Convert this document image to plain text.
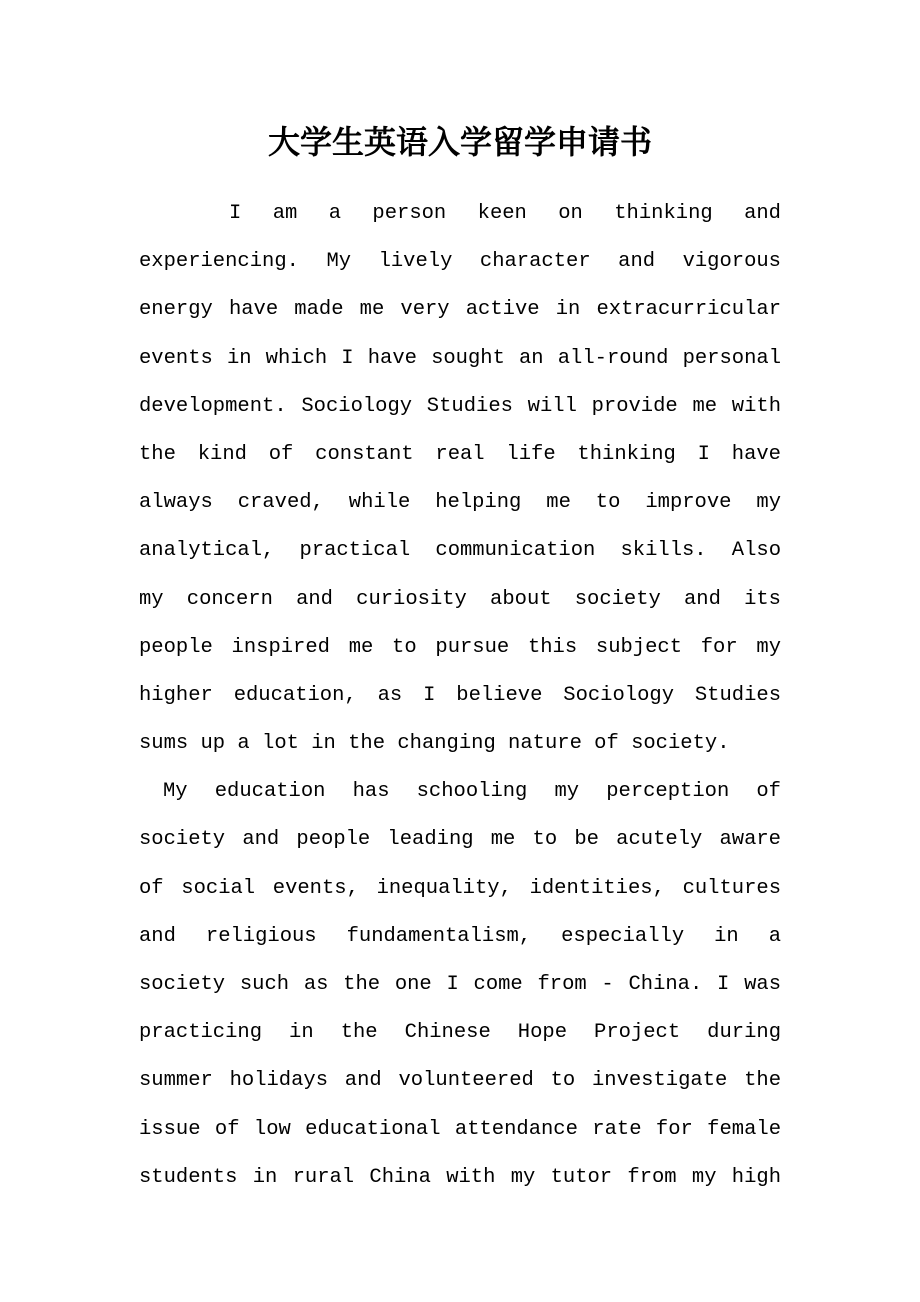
大学生英语入学留学申请书
I am a person keen on thinking and
experiencing. My lively character and vigorous
energy have made me very active in extracurricular
events in which I have sought an all-round personal
development. Sociology Studies will provide me with
the kind of constant real life thinking I have
always craved, while helping me to improve my
analytical, practical communication skills. Also
my concern and curiosity about society and its
people inspired me to pursue this subject for my
higher education, as I believe Sociology Studies
sums up a lot in the changing nature of society.
My education has schooling my perception of
society and people leading me to be acutely aware
of social events, inequality, identities, cultures
and religious fundamentalism, especially in a
society such as the one I come from - China. I was
practicing in the Chinese Hope Project during
summer holidays and volunteered to investigate the
issue of low educational attendance rate for female
students in rural China with my tutor from my high
